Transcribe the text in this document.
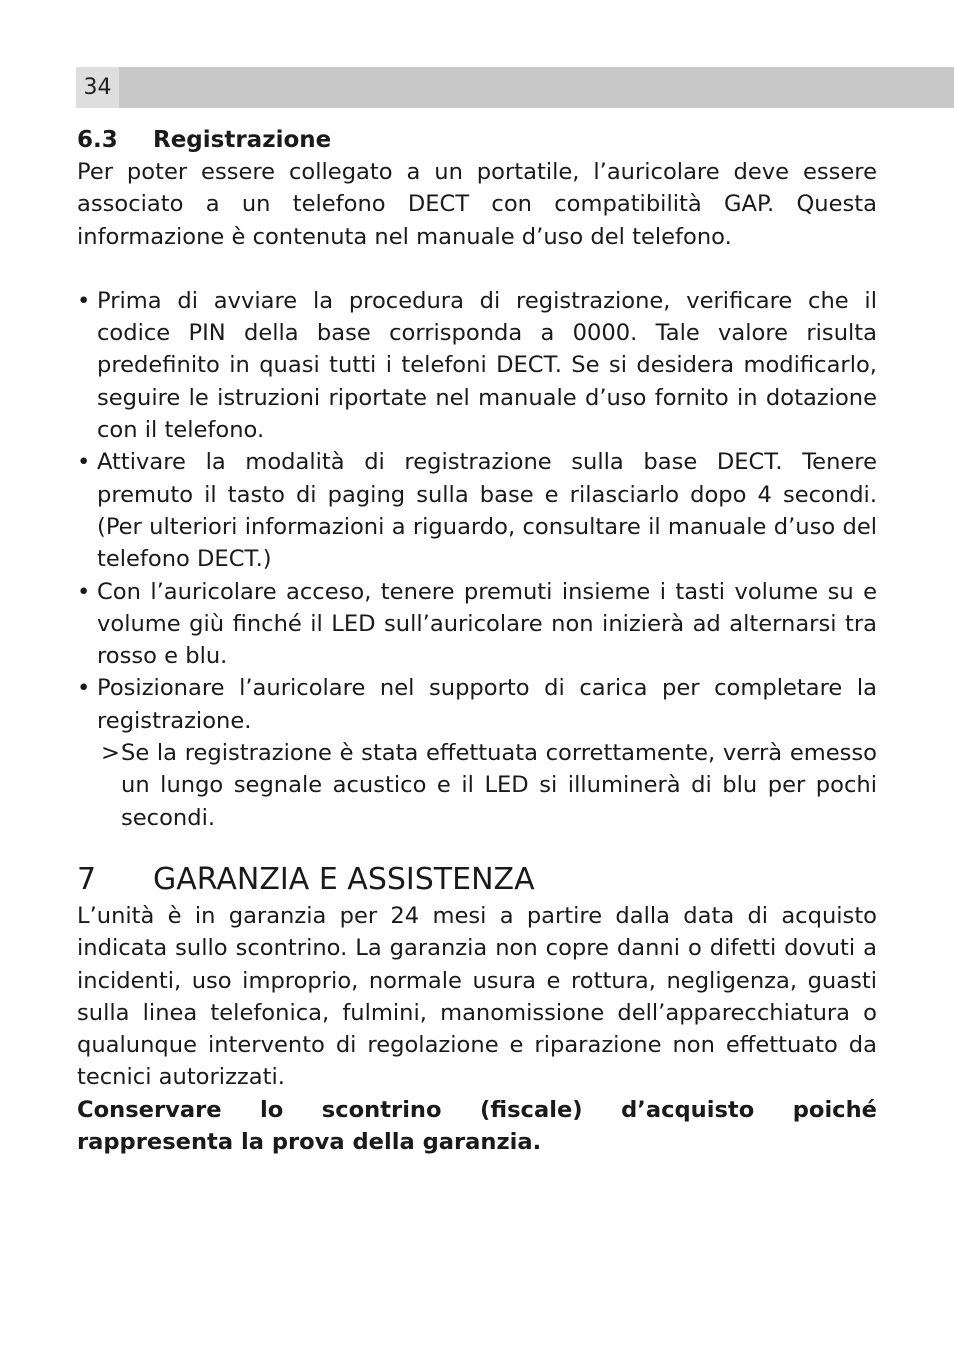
34
6.3	Registrazione

Per poter essere collegato a un portatile, l’auricolare deve essere associato a un telefono DECT con compatibilità GAP. Questa informazione è contenuta nel manuale d’uso del telefono.

• Prima di avviare la procedura di registrazione, verificare che il codice PIN della base corrisponda a 0000. Tale valore risulta predefinito in quasi tutti i telefoni DECT. Se si desidera modificarlo, seguire le istruzioni riportate nel manuale d’uso fornito in dotazione con il telefono.

• Attivare la modalità di registrazione sulla base DECT. Tenere premuto il tasto di paging sulla base e rilasciarlo dopo 4 secondi. (Per ulteriori informazioni a riguardo, consultare il manuale d’uso del telefono DECT.)

• Con l’auricolare acceso, tenere premuti insieme i tasti volume su e volume giù finché il LED sull’auricolare non inizierà ad alternarsi tra rosso e blu.

• Posizionare l’auricolare nel supporto di carica per completare la registrazione.

> Se la registrazione è stata effettuata correttamente, verrà emesso un lungo segnale acustico e il LED si illuminerà di blu per pochi secondi.

7	GARANZIA E ASSISTENZA

L’unità è in garanzia per 24 mesi a partire dalla data di acquisto indicata sullo scontrino. La garanzia non copre danni o difetti dovuti a incidenti, uso improprio, normale usura e rottura, negligenza, guasti sulla linea telefonica, fulmini, manomissione dell’apparecchiatura o qualunque intervento di regolazione e riparazione non effettuato da tecnici autorizzati.

Conservare lo scontrino (fiscale) d’acquisto poiché rappresenta la prova della garanzia.
